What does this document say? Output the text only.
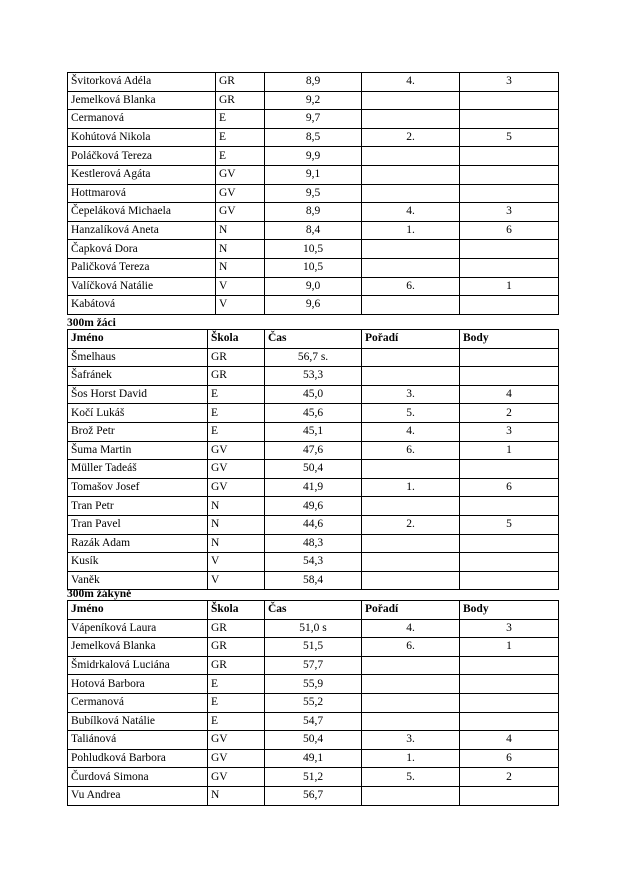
Švitorková Adéla	GR	8,9	4.	3
Jemelková Blanka	GR	9,2		
Cermanová	E	9,7		
Kohútová Nikola	E	8,5	2.	5
Poláčková Tereza	E	9,9		
Kestlerová Agáta	GV	9,1		
Hottmarová	GV	9,5		
Čepeláková Michaela	GV	8,9	4.	3
Hanzalíková Aneta	N	8,4	1.	6
Čapková Dora	N	10,5		
Paličková Tereza	N	10,5		
Valíčková Natálie	V	9,0	6.	1
Kabátová	V	9,6		
300m žáci
Jméno	Škola	Čas	Pořadí	Body
Šmelhaus	GR	56,7 s.		
Šafránek	GR	53,3		
Šos Horst David	E	45,0	3.	4
Kočí Lukáš	E	45,6	5.	2
Brož Petr	E	45,1	4.	3
Šuma Martin	GV	47,6	6.	1
Müller Tadeáš	GV	50,4		
Tomašov Josef	GV	41,9	1.	6
Tran Petr	N	49,6		
Tran Pavel	N	44,6	2.	5
Razák Adam	N	48,3		
Kusík	V	54,3		
Vaněk	V	58,4		
300m žákyně
Jméno	Škola	Čas	Pořadí	Body
Vápeníková Laura	GR	51,0 s	4.	3
Jemelková Blanka	GR	51,5	6.	1
Šmidrkalová Luciána	GR	57,7		
Hotová Barbora	E	55,9		
Cermanová	E	55,2		
Bubílková Natálie	E	54,7		
Taliánová	GV	50,4	3.	4
Pohludková Barbora	GV	49,1	1.	6
Čurdová Simona	GV	51,2	5.	2
Vu Andrea	N	56,7		
